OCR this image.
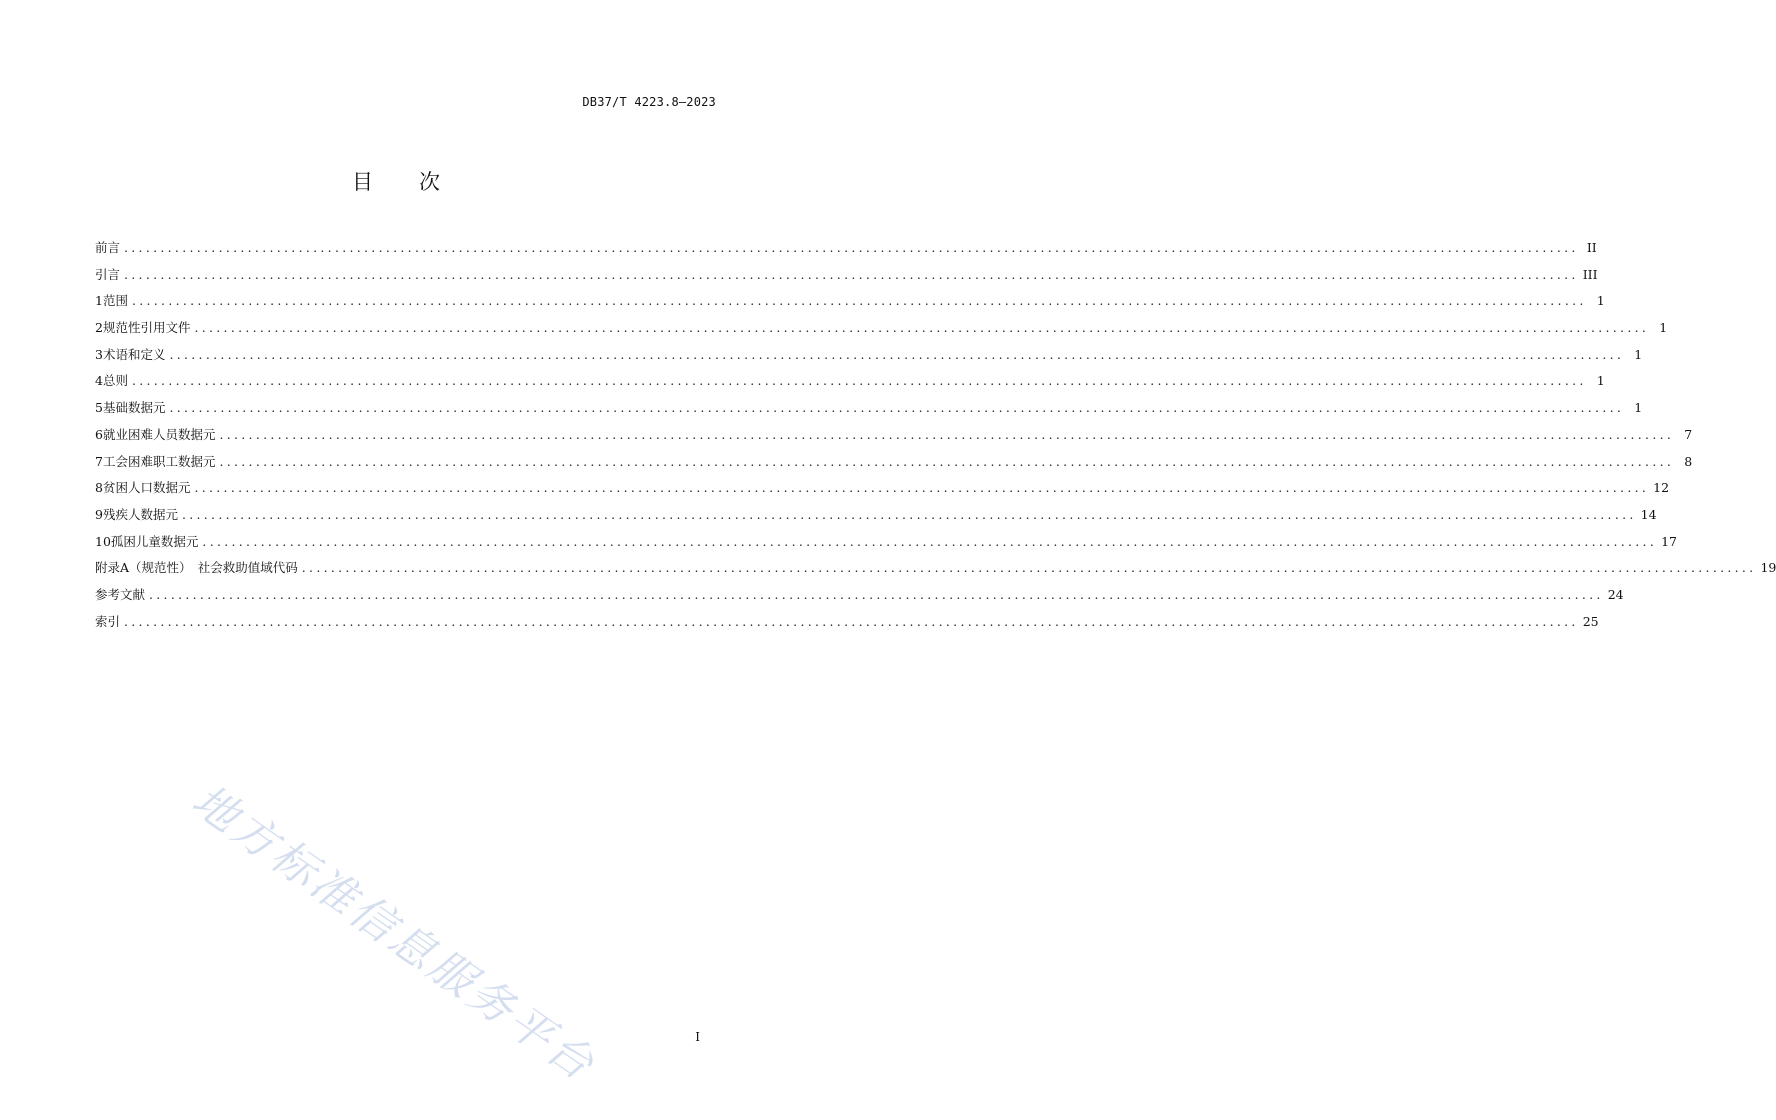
DB37/T 4223.8—2023
目 次
前言 ........................................................................................................................................................................................................ II
引言 ........................................................................................................................................................................................................ III
1 范围 ........................................................................................................................................................................................................ 1
2 规范性引用文件 ........................................................................................................................................................................................................ 1
3 术语和定义 ........................................................................................................................................................................................................ 1
4 总则 ........................................................................................................................................................................................................ 1
5 基础数据元 ........................................................................................................................................................................................................ 1
6 就业困难人员数据元 ........................................................................................................................................................................................................ 7
7 工会困难职工数据元 ........................................................................................................................................................................................................ 8
8 贫困人口数据元 ........................................................................................................................................................................................................ 12
9 残疾人数据元 ........................................................................................................................................................................................................ 14
10 孤困儿童数据元 ........................................................................................................................................................................................................ 17
附录A（规范性）　社会救助值域代码 ........................................................................................................................................................................................................ 19
参考文献 ........................................................................................................................................................................................................ 24
索引 ........................................................................................................................................................................................................ 25
地方标准信息服务平台	I
